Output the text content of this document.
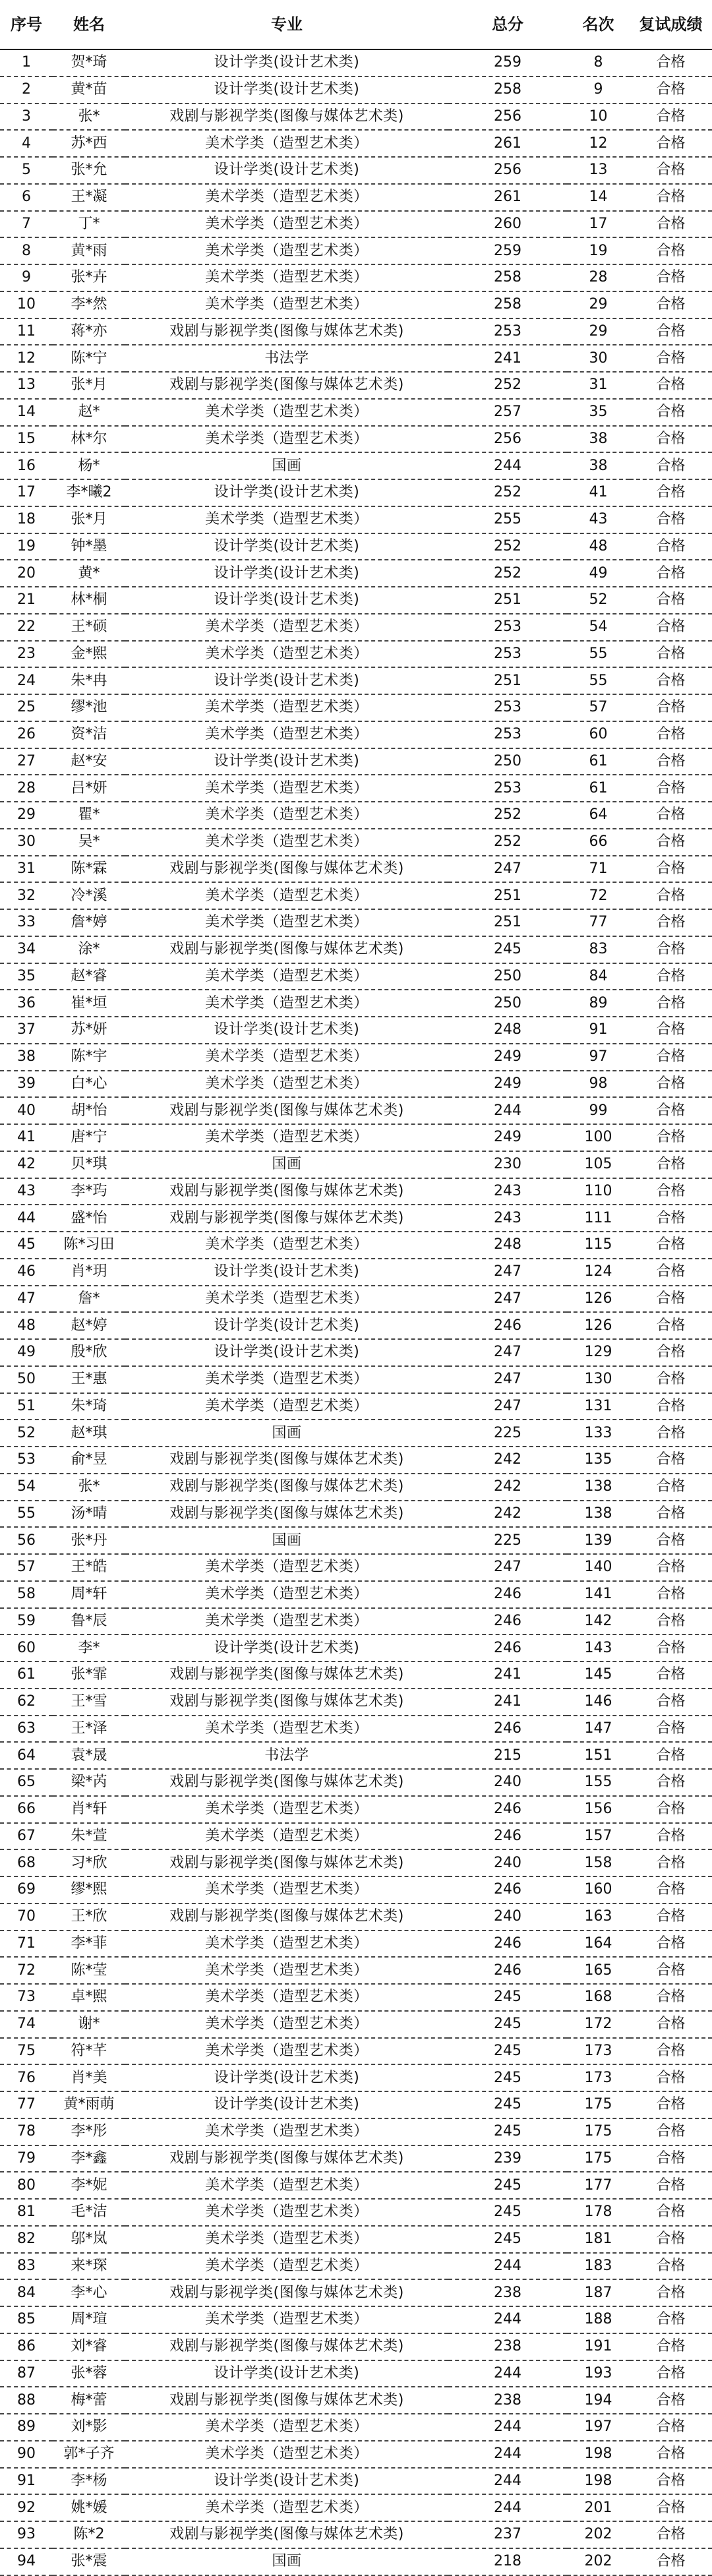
序号	姓名	专业	总分	名次	复试成绩
1	贺*琦	设计学类(设计艺术类)	259	8	合格
2	黄*苗	设计学类(设计艺术类)	258	9	合格
3	张*	戏剧与影视学类(图像与媒体艺术类)	256	10	合格
4	苏*西	美术学类（造型艺术类）	261	12	合格
5	张*允	设计学类(设计艺术类)	256	13	合格
6	王*凝	美术学类（造型艺术类）	261	14	合格
7	丁*	美术学类（造型艺术类）	260	17	合格
8	黄*雨	美术学类（造型艺术类）	259	19	合格
9	张*卉	美术学类（造型艺术类）	258	28	合格
10	李*然	美术学类（造型艺术类）	258	29	合格
11	蒋*亦	戏剧与影视学类(图像与媒体艺术类)	253	29	合格
12	陈*宁	书法学	241	30	合格
13	张*月	戏剧与影视学类(图像与媒体艺术类)	252	31	合格
14	赵*	美术学类（造型艺术类）	257	35	合格
15	林*尔	美术学类（造型艺术类）	256	38	合格
16	杨*	国画	244	38	合格
17	李*曦2	设计学类(设计艺术类)	252	41	合格
18	张*月	美术学类（造型艺术类）	255	43	合格
19	钟*墨	设计学类(设计艺术类)	252	48	合格
20	黄*	设计学类(设计艺术类)	252	49	合格
21	林*桐	设计学类(设计艺术类)	251	52	合格
22	王*硕	美术学类（造型艺术类）	253	54	合格
23	金*熙	美术学类（造型艺术类）	253	55	合格
24	朱*冉	设计学类(设计艺术类)	251	55	合格
25	缪*池	美术学类（造型艺术类）	253	57	合格
26	资*洁	美术学类（造型艺术类）	253	60	合格
27	赵*安	设计学类(设计艺术类)	250	61	合格
28	吕*妍	美术学类（造型艺术类）	253	61	合格
29	瞿*	美术学类（造型艺术类）	252	64	合格
30	吴*	美术学类（造型艺术类）	252	66	合格
31	陈*霖	戏剧与影视学类(图像与媒体艺术类)	247	71	合格
32	冷*溪	美术学类（造型艺术类）	251	72	合格
33	詹*婷	美术学类（造型艺术类）	251	77	合格
34	涂*	戏剧与影视学类(图像与媒体艺术类)	245	83	合格
35	赵*睿	美术学类（造型艺术类）	250	84	合格
36	崔*垣	美术学类（造型艺术类）	250	89	合格
37	苏*妍	设计学类(设计艺术类)	248	91	合格
38	陈*宇	美术学类（造型艺术类）	249	97	合格
39	白*心	美术学类（造型艺术类）	249	98	合格
40	胡*怡	戏剧与影视学类(图像与媒体艺术类)	244	99	合格
41	唐*宁	美术学类（造型艺术类）	249	100	合格
42	贝*琪	国画	230	105	合格
43	李*玙	戏剧与影视学类(图像与媒体艺术类)	243	110	合格
44	盛*怡	戏剧与影视学类(图像与媒体艺术类)	243	111	合格
45	陈*习田	美术学类（造型艺术类）	248	115	合格
46	肖*玥	设计学类(设计艺术类)	247	124	合格
47	詹*	美术学类（造型艺术类）	247	126	合格
48	赵*婷	设计学类(设计艺术类)	246	126	合格
49	殷*欣	设计学类(设计艺术类)	247	129	合格
50	王*惠	美术学类（造型艺术类）	247	130	合格
51	朱*琦	美术学类（造型艺术类）	247	131	合格
52	赵*琪	国画	225	133	合格
53	俞*昱	戏剧与影视学类(图像与媒体艺术类)	242	135	合格
54	张*	戏剧与影视学类(图像与媒体艺术类)	242	138	合格
55	汤*晴	戏剧与影视学类(图像与媒体艺术类)	242	138	合格
56	张*丹	国画	225	139	合格
57	王*皓	美术学类（造型艺术类）	247	140	合格
58	周*轩	美术学类（造型艺术类）	246	141	合格
59	鲁*辰	美术学类（造型艺术类）	246	142	合格
60	李*	设计学类(设计艺术类)	246	143	合格
61	张*霏	戏剧与影视学类(图像与媒体艺术类)	241	145	合格
62	王*雪	戏剧与影视学类(图像与媒体艺术类)	241	146	合格
63	王*泽	美术学类（造型艺术类）	246	147	合格
64	袁*晟	书法学	215	151	合格
65	梁*芮	戏剧与影视学类(图像与媒体艺术类)	240	155	合格
66	肖*轩	美术学类（造型艺术类）	246	156	合格
67	朱*萱	美术学类（造型艺术类）	246	157	合格
68	习*欣	戏剧与影视学类(图像与媒体艺术类)	240	158	合格
69	缪*熙	美术学类（造型艺术类）	246	160	合格
70	王*欣	戏剧与影视学类(图像与媒体艺术类)	240	163	合格
71	李*菲	美术学类（造型艺术类）	246	164	合格
72	陈*莹	美术学类（造型艺术类）	246	165	合格
73	卓*熙	美术学类（造型艺术类）	245	168	合格
74	谢*	美术学类（造型艺术类）	245	172	合格
75	符*芊	美术学类（造型艺术类）	245	173	合格
76	肖*美	设计学类(设计艺术类)	245	173	合格
77	黄*雨萌	设计学类(设计艺术类)	245	175	合格
78	李*彤	美术学类（造型艺术类）	245	175	合格
79	李*鑫	戏剧与影视学类(图像与媒体艺术类)	239	175	合格
80	李*妮	美术学类（造型艺术类）	245	177	合格
81	毛*洁	美术学类（造型艺术类）	245	178	合格
82	邬*岚	美术学类（造型艺术类）	245	181	合格
83	来*琛	美术学类（造型艺术类）	244	183	合格
84	李*心	戏剧与影视学类(图像与媒体艺术类)	238	187	合格
85	周*瑄	美术学类（造型艺术类）	244	188	合格
86	刘*睿	戏剧与影视学类(图像与媒体艺术类)	238	191	合格
87	张*蓉	设计学类(设计艺术类)	244	193	合格
88	梅*蕾	戏剧与影视学类(图像与媒体艺术类)	238	194	合格
89	刘*影	美术学类（造型艺术类）	244	197	合格
90	郭*子齐	美术学类（造型艺术类）	244	198	合格
91	李*杨	设计学类(设计艺术类)	244	198	合格
92	姚*媛	美术学类（造型艺术类）	244	201	合格
93	陈*2	戏剧与影视学类(图像与媒体艺术类)	237	202	合格
94	张*震	国画	218	202	合格
